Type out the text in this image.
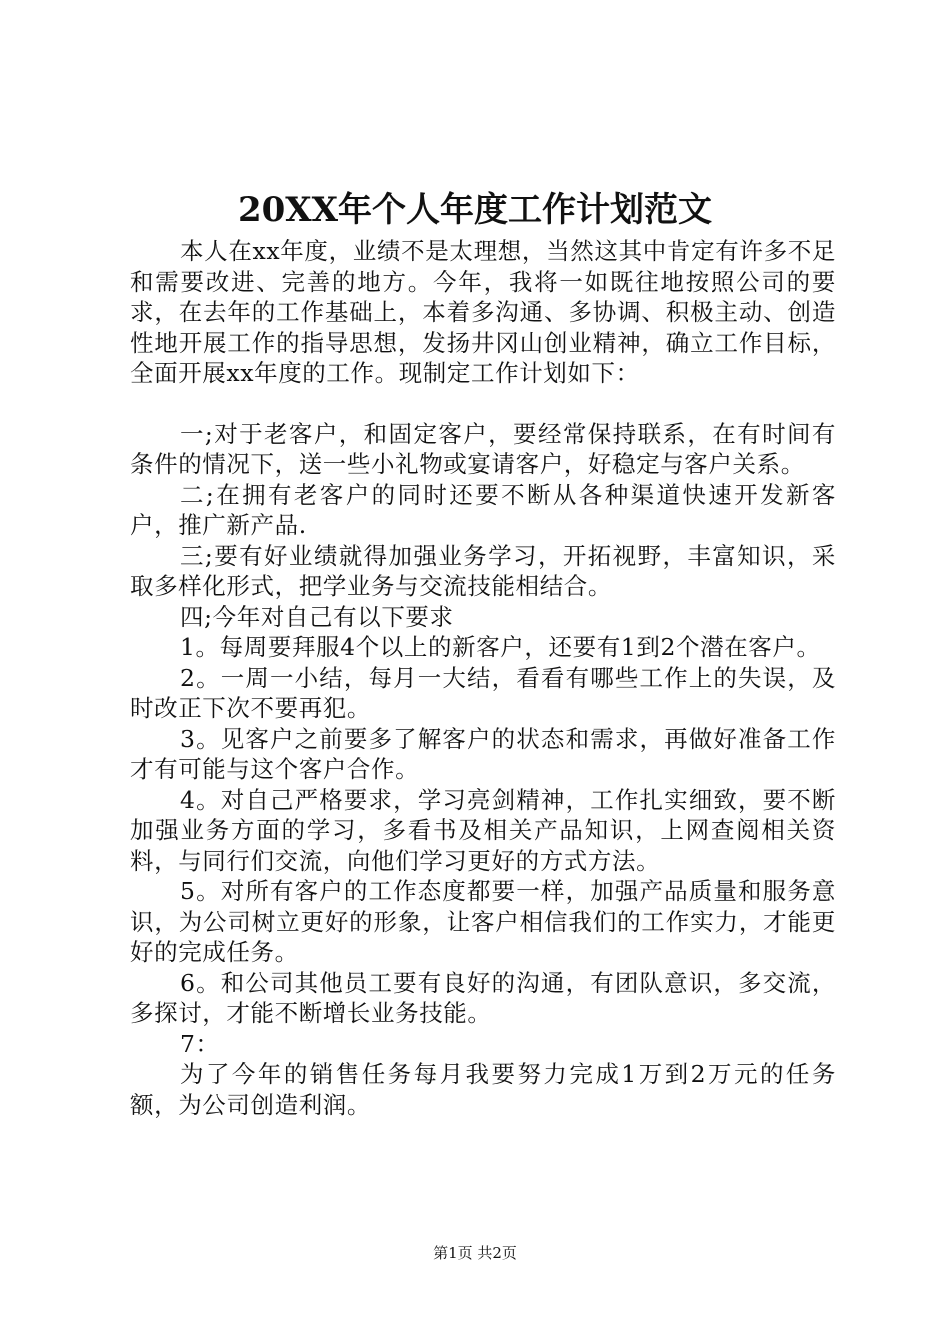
20XX年个人年度工作计划范文

本人在xx年度，业绩不是太理想，当然这其中肯定有许多不足和需要改进、完善的地方。今年，我将一如既往地按照公司的要求，在去年的工作基础上，本着多沟通、多协调、积极主动、创造性地开展工作的指导思想，发扬井冈山创业精神，确立工作目标，全面开展xx年度的工作。现制定工作计划如下：

一;对于老客户，和固定客户，要经常保持联系，在有时间有条件的情况下，送一些小礼物或宴请客户，好稳定与客户关系。

二;在拥有老客户的同时还要不断从各种渠道快速开发新客户，推广新产品.

三;要有好业绩就得加强业务学习，开拓视野，丰富知识，采取多样化形式，把学业务与交流技能相结合。

四;今年对自己有以下要求

1。每周要拜服4个以上的新客户，还要有1到2个潜在客户。

2。一周一小结，每月一大结，看看有哪些工作上的失误，及时改正下次不要再犯。

3。见客户之前要多了解客户的状态和需求，再做好准备工作才有可能与这个客户合作。

4。对自己严格要求，学习亮剑精神，工作扎实细致，要不断加强业务方面的学习，多看书及相关产品知识，上网查阅相关资料，与同行们交流，向他们学习更好的方式方法。

5。对所有客户的工作态度都要一样，加强产品质量和服务意识，为公司树立更好的形象，让客户相信我们的工作实力，才能更好的完成任务。

6。和公司其他员工要有良好的沟通，有团队意识，多交流，多探讨，才能不断增长业务技能。

7：

为了今年的销售任务每月我要努力完成1万到2万元的任务额，为公司创造利润。

第1页 共2页
